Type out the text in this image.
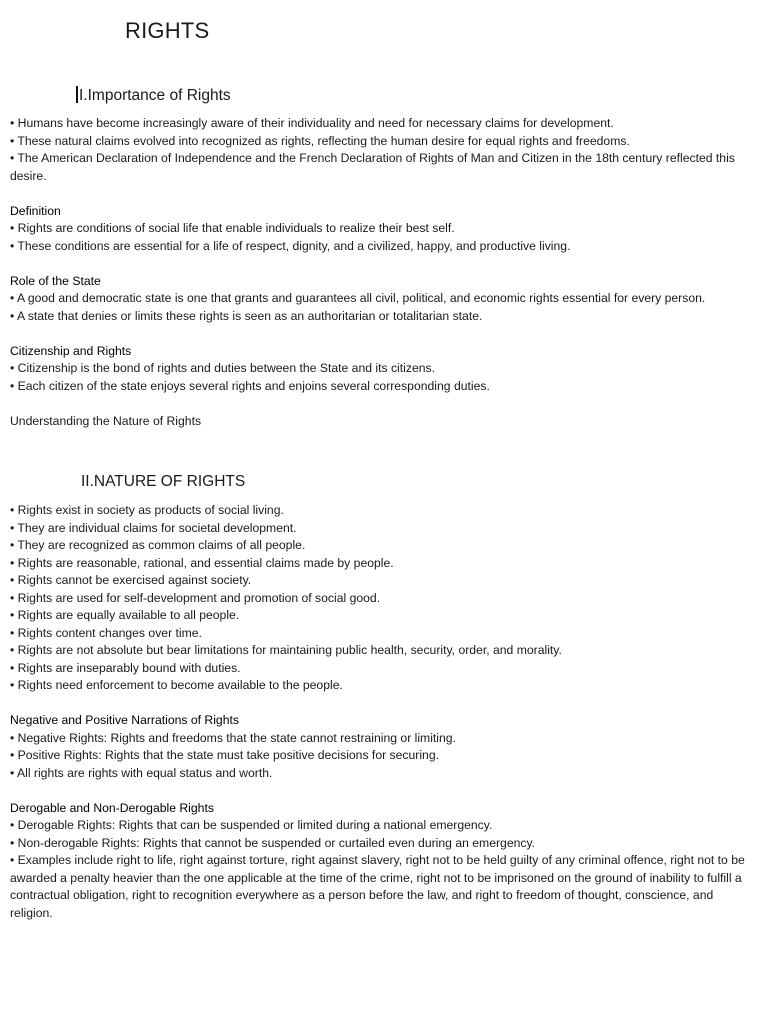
RIGHTS
I.Importance of Rights

• Humans have become increasingly aware of their individuality and need for necessary claims for development.

• These natural claims evolved into recognized as rights, reflecting the human desire for equal rights and freedoms.

• The American Declaration of Independence and the French Declaration of Rights of Man and Citizen in the 18th century reflected this desire.

Definition

• Rights are conditions of social life that enable individuals to realize their best self.

• These conditions are essential for a life of respect, dignity, and a civilized, happy, and productive living.

Role of the State

• A good and democratic state is one that grants and guarantees all civil, political, and economic rights essential for every person.

• A state that denies or limits these rights is seen as an authoritarian or totalitarian state.

Citizenship and Rights

• Citizenship is the bond of rights and duties between the State and its citizens.

• Each citizen of the state enjoys several rights and enjoins several corresponding duties.

Understanding the Nature of Rights

II.NATURE OF RIGHTS

• Rights exist in society as products of social living.

• They are individual claims for societal development.

• They are recognized as common claims of all people.

• Rights are reasonable, rational, and essential claims made by people.

• Rights cannot be exercised against society.

• Rights are used for self-development and promotion of social good.

• Rights are equally available to all people.

• Rights content changes over time.

• Rights are not absolute but bear limitations for maintaining public health, security, order, and morality.

• Rights are inseparably bound with duties.

• Rights need enforcement to become available to the people.

Negative and Positive Narrations of Rights

• Negative Rights: Rights and freedoms that the state cannot restraining or limiting.

• Positive Rights: Rights that the state must take positive decisions for securing.

• All rights are rights with equal status and worth.

Derogable and Non-Derogable Rights

• Derogable Rights: Rights that can be suspended or limited during a national emergency.

• Non-derogable Rights: Rights that cannot be suspended or curtailed even during an emergency.

• Examples include right to life, right against torture, right against slavery, right not to be held guilty of any criminal offence, right not to be awarded a penalty heavier than the one applicable at the time of the crime, right not to be imprisoned on the ground of inability to fulfill a contractual obligation, right to recognition everywhere as a person before the law, and right to freedom of thought, conscience, and religion.
